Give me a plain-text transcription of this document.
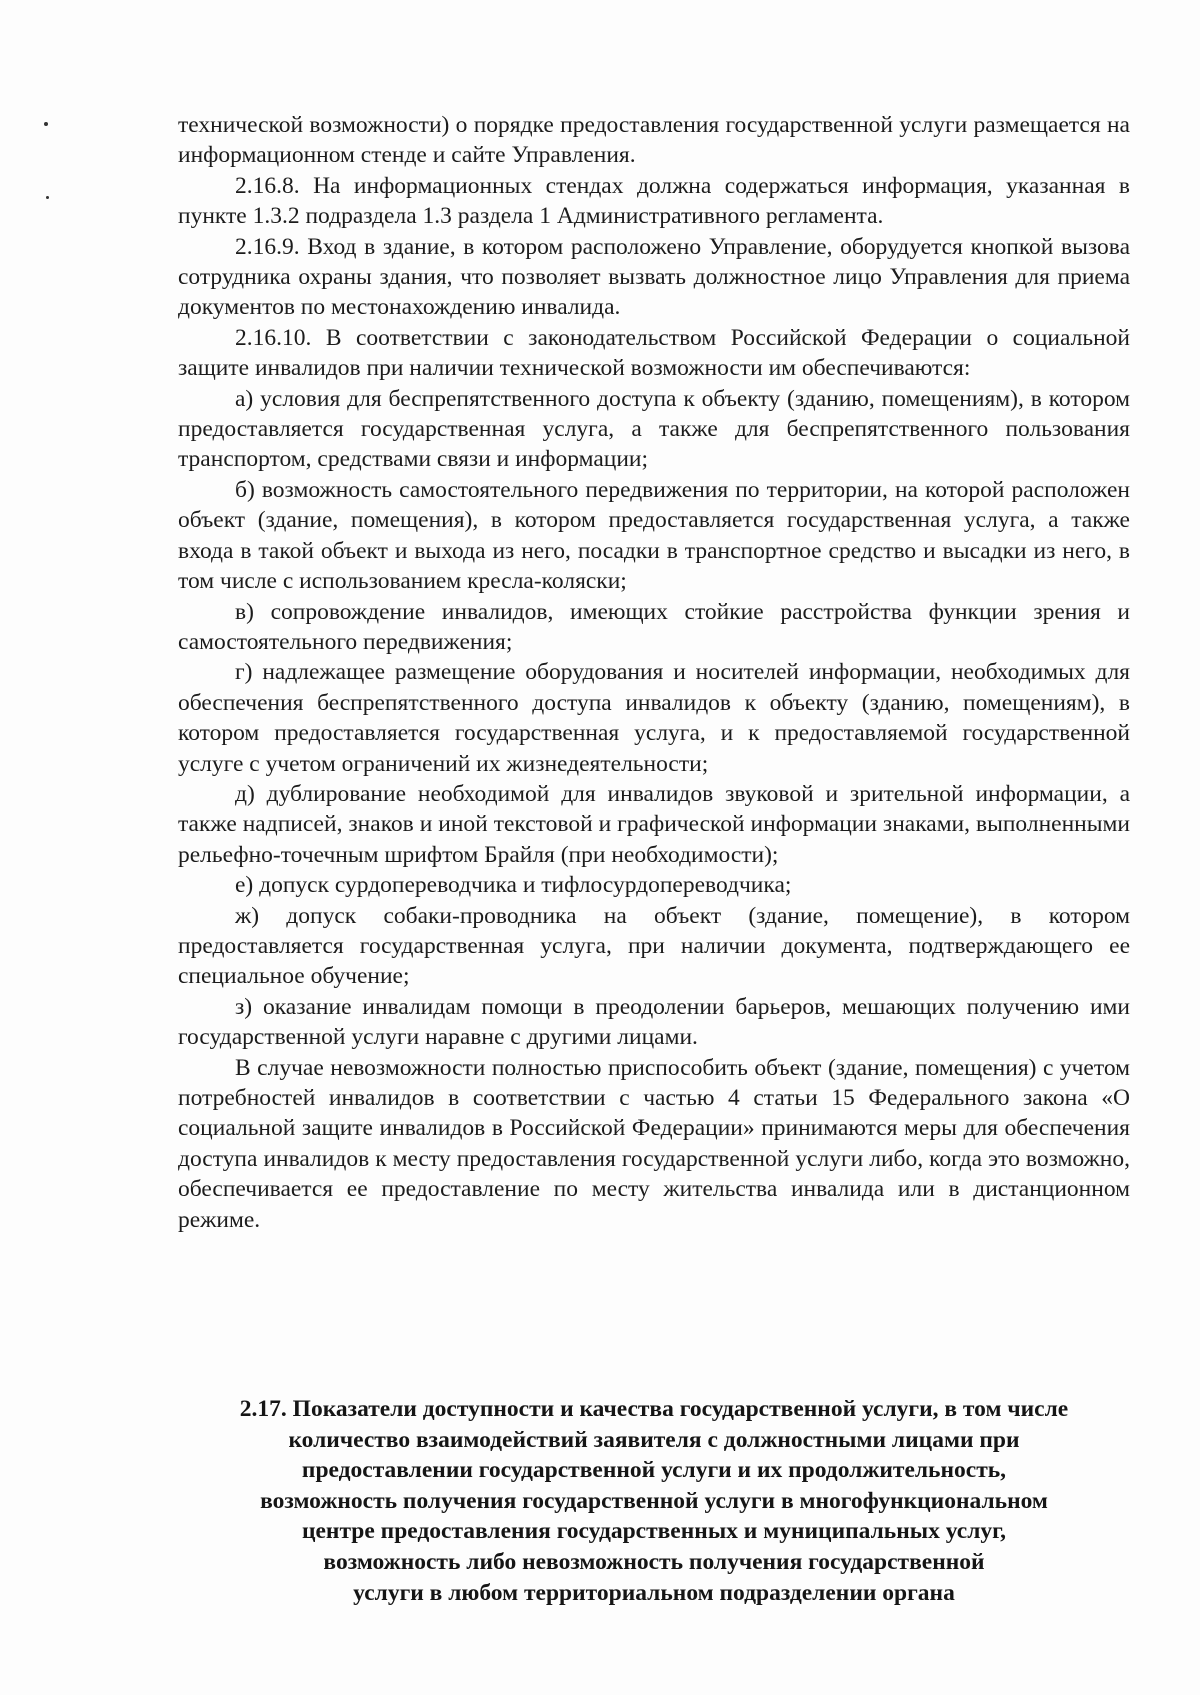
технической возможности) о порядке предоставления государственной услуги размещается на информационном стенде и сайте Управления.

2.16.8. На информационных стендах должна содержаться информация, указанная в пункте 1.3.2 подраздела 1.3 раздела 1 Административного регламента.

2.16.9. Вход в здание, в котором расположено Управление, оборудуется кнопкой вызова сотрудника охраны здания, что позволяет вызвать должностное лицо Управления для приема документов по местонахождению инвалида.

2.16.10. В соответствии с законодательством Российской Федерации о социальной защите инвалидов при наличии технической возможности им обеспечиваются:

а) условия для беспрепятственного доступа к объекту (зданию, помещениям), в котором предоставляется государственная услуга, а также для беспрепятственного пользования транспортом, средствами связи и информации;

б) возможность самостоятельного передвижения по территории, на которой расположен объект (здание, помещения), в котором предоставляется государственная услуга, а также входа в такой объект и выхода из него, посадки в транспортное средство и высадки из него, в том числе с использованием кресла-коляски;

в) сопровождение инвалидов, имеющих стойкие расстройства функции зрения и самостоятельного передвижения;

г) надлежащее размещение оборудования и носителей информации, необходимых для обеспечения беспрепятственного доступа инвалидов к объекту (зданию, помещениям), в котором предоставляется государственная услуга, и к предоставляемой государственной услуге с учетом ограничений их жизнедеятельности;

д) дублирование необходимой для инвалидов звуковой и зрительной информации, а также надписей, знаков и иной текстовой и графической информации знаками, выполненными рельефно-точечным шрифтом Брайля (при необходимости);

е) допуск сурдопереводчика и тифлосурдопереводчика;

ж) допуск собаки-проводника на объект (здание, помещение), в котором предоставляется государственная услуга, при наличии документа, подтверждающего ее специальное обучение;

з) оказание инвалидам помощи в преодолении барьеров, мешающих получению ими государственной услуги наравне с другими лицами.

В случае невозможности полностью приспособить объект (здание, помещения) с учетом потребностей инвалидов в соответствии с частью 4 статьи 15 Федерального закона «О социальной защите инвалидов в Российской Федерации» принимаются меры для обеспечения доступа инвалидов к месту предоставления государственной услуги либо, когда это возможно, обеспечивается ее предоставление по месту жительства инвалида или в дистанционном режиме.

2.17. Показатели доступности и качества государственной услуги, в том числе
количество взаимодействий заявителя с должностными лицами при
предоставлении государственной услуги и их продолжительность,
возможность получения государственной услуги в многофункциональном
центре предоставления государственных и муниципальных услуг,
возможность либо невозможность получения государственной
услуги в любом территориальном подразделении органа
